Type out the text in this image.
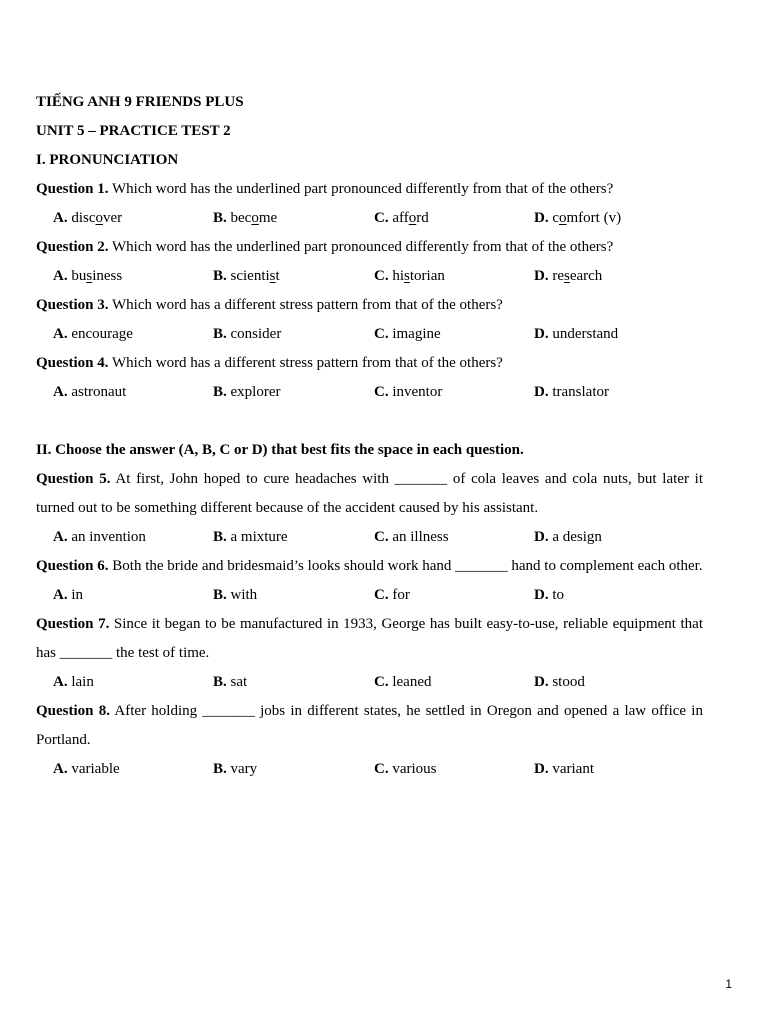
TIẾNG ANH 9 FRIENDS PLUS
UNIT 5 – PRACTICE TEST 2
I. PRONUNCIATION
Question 1. Which word has the underlined part pronounced differently from that of the others?
A. discover	B. become	C. afford	D. comfort (v)
Question 2. Which word has the underlined part pronounced differently from that of the others?
A. business	B. scientist	C. historian	D. research
Question 3. Which word has a different stress pattern from that of the others?
A. encourage	B. consider	C. imagine	D. understand
Question 4. Which word has a different stress pattern from that of the others?
A. astronaut	B. explorer	C. inventor	D. translator
II. Choose the answer (A, B, C or D) that best fits the space in each question.
Question 5. At first, John hoped to cure headaches with _______ of cola leaves and cola nuts, but later it turned out to be something different because of the accident caused by his assistant.
A. an invention	B. a mixture	C. an illness	D. a design
Question 6. Both the bride and bridesmaid’s looks should work hand _______ hand to complement each other.
A. in	B. with	C. for	D. to
Question 7. Since it began to be manufactured in 1933, George has built easy-to-use, reliable equipment that has _______ the test of time.
A. lain	B. sat	C. leaned	D. stood
Question 8. After holding _______ jobs in different states, he settled in Oregon and opened a law office in Portland.
A. variable	B. vary	C. various	D. variant
1
